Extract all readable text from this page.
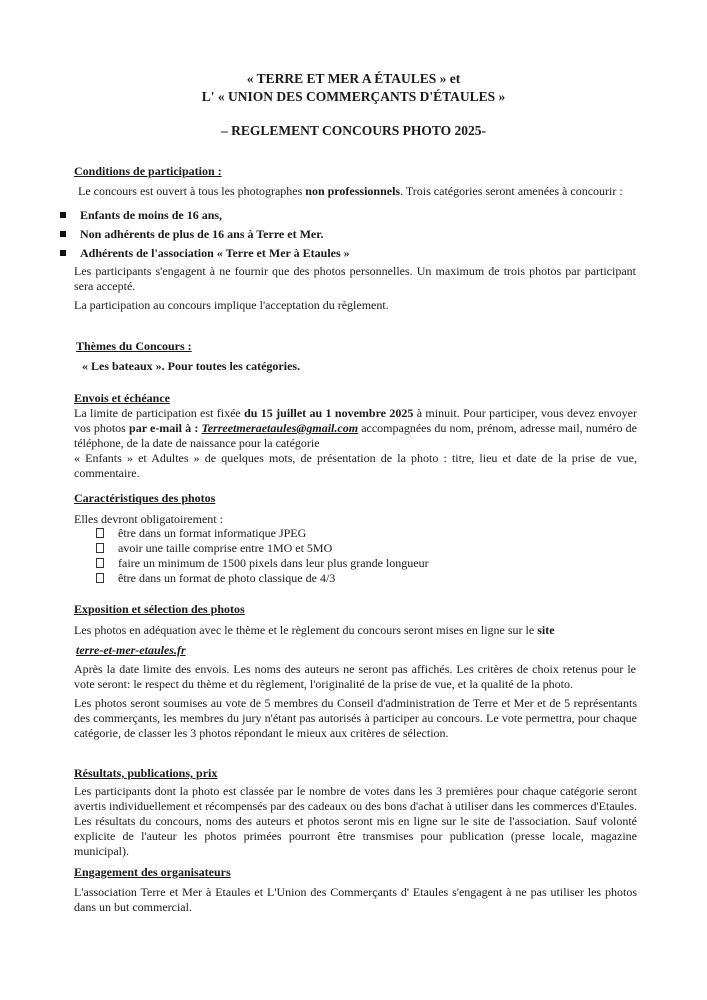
« TERRE ET MER A ÉTAULES » et
L' « UNION DES COMMERÇANTS D'ÉTAULES »
– REGLEMENT CONCOURS PHOTO 2025-
Conditions de participation :
Le concours est ouvert à tous les photographes non professionnels. Trois catégories seront amenées à concourir :
Enfants de moins de 16 ans,
Non adhérents de plus de 16 ans à Terre et Mer.
Adhérents de l'association « Terre et Mer à Etaules »
Les participants s'engagent à ne fournir que des photos personnelles. Un maximum de trois photos par participant sera accepté.
La participation au concours implique l'acceptation du règlement.
Thèmes du Concours :
« Les bateaux ». Pour toutes les catégories.
Envois et échéance
La limite de participation est fixée du 15 juillet au 1 novembre 2025 à minuit. Pour participer, vous devez envoyer vos photos par e-mail à : Terreetmeraetaules@gmail.com accompagnées du nom, prénom, adresse mail, numéro de téléphone, de la date de naissance pour la catégorie
« Enfants » et Adultes » de quelques mots, de présentation de la photo : titre, lieu et date de la prise de vue, commentaire.
Caractéristiques des photos
Elles devront obligatoirement :
être dans un format informatique JPEG
avoir une taille comprise entre 1MO et 5MO
faire un minimum de 1500 pixels dans leur plus grande longueur
être dans un format de photo classique de 4/3
Exposition et sélection des photos
Les photos en adéquation avec le thème et le règlement du concours seront mises en ligne sur le site
terre-et-mer-etaules.fr
Après la date limite des envois. Les noms des auteurs ne seront pas affichés. Les critères de choix retenus pour le vote seront: le respect du thème et du règlement, l'originalité de la prise de vue, et la qualité de la photo.
Les photos seront soumises au vote de 5 membres du Conseil d'administration de Terre et Mer et de 5 représentants des commerçants, les membres du jury n'étant pas autorisés à participer au concours. Le vote permettra, pour chaque catégorie, de classer les 3 photos répondant le mieux aux critères de sélection.
Résultats, publications, prix
Les participants dont la photo est classée par le nombre de votes dans les 3 premières pour chaque catégorie seront avertis individuellement et récompensés par des cadeaux ou des bons d'achat à utiliser dans les commerces d'Etaules. Les résultats du concours, noms des auteurs et photos seront mis en ligne sur le site de l'association. Sauf volonté explicite de l'auteur les photos primées pourront être transmises pour publication (presse locale, magazine municipal).
Engagement des organisateurs
L'association Terre et Mer à Etaules et L'Union des Commerçants d' Etaules s'engagent à ne pas utiliser les photos dans un but commercial.
